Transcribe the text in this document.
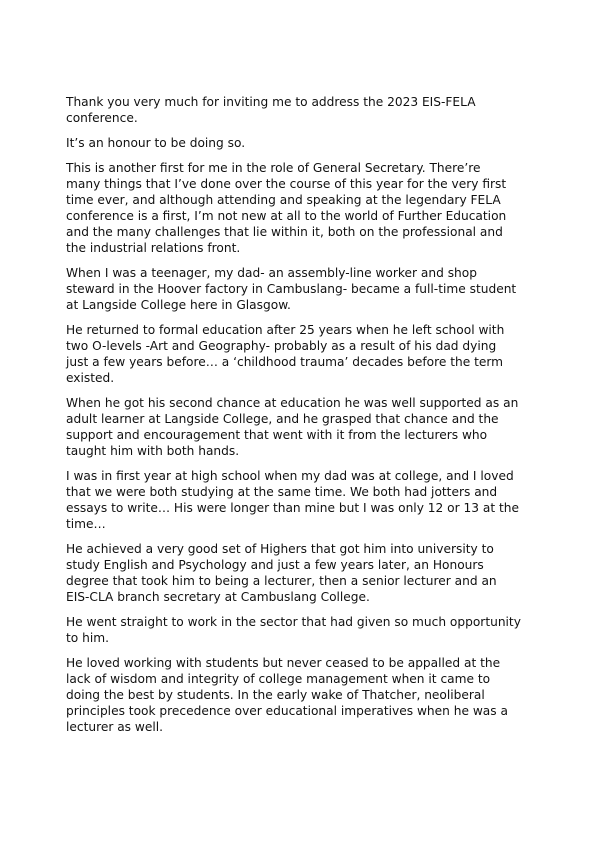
Thank you very much for inviting me to address the 2023 EIS-FELA
conference.

It’s an honour to be doing so.

This is another first for me in the role of General Secretary. There’re
many things that I’ve done over the course of this year for the very first
time ever, and although attending and speaking at the legendary FELA
conference is a first, I’m not new at all to the world of Further Education
and the many challenges that lie within it, both on the professional and
the industrial relations front.

When I was a teenager, my dad- an assembly-line worker and shop
steward in the Hoover factory in Cambuslang- became a full-time student
at Langside College here in Glasgow.

He returned to formal education after 25 years when he left school with
two O-levels -Art and Geography- probably as a result of his dad dying
just a few years before… a ‘childhood trauma’ decades before the term
existed.

When he got his second chance at education he was well supported as an
adult learner at Langside College, and he grasped that chance and the
support and encouragement that went with it from the lecturers who
taught him with both hands.

I was in first year at high school when my dad was at college, and I loved
that we were both studying at the same time. We both had jotters and
essays to write… His were longer than mine but I was only 12 or 13 at the
time…

He achieved a very good set of Highers that got him into university to
study English and Psychology and just a few years later, an Honours
degree that took him to being a lecturer, then a senior lecturer and an
EIS-CLA branch secretary at Cambuslang College.

He went straight to work in the sector that had given so much opportunity
to him.

He loved working with students but never ceased to be appalled at the
lack of wisdom and integrity of college management when it came to
doing the best by students. In the early wake of Thatcher, neoliberal
principles took precedence over educational imperatives when he was a
lecturer as well.
